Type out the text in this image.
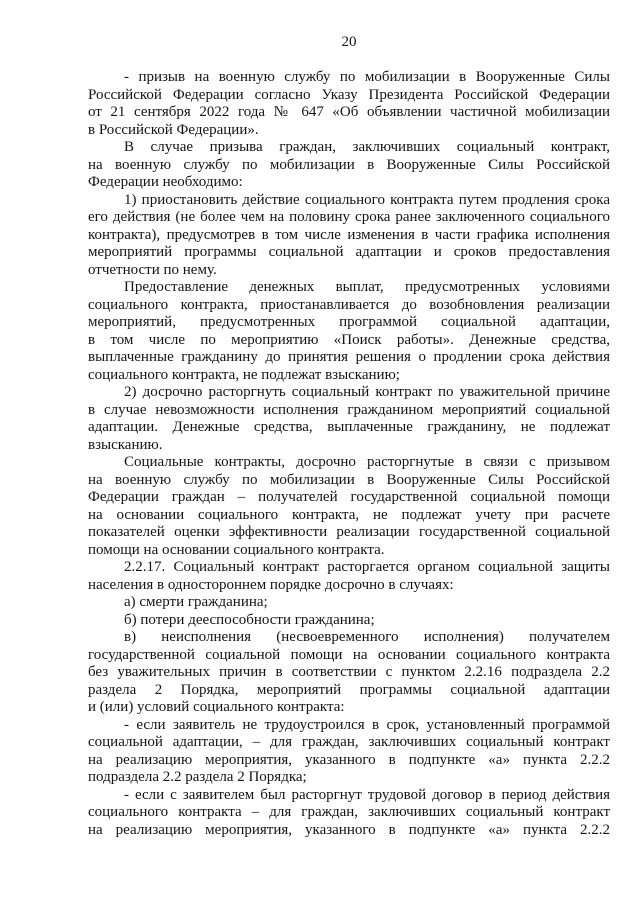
20
- призыв на военную службу по мобилизации в Вооруженные Силы
Российской Федерации согласно Указу Президента Российской Федерации
от 21 сентября 2022 года № 647 «Об объявлении частичной мобилизации
в Российской Федерации».
В случае призыва граждан, заключивших социальный контракт,
на военную службу по мобилизации в Вооруженные Силы Российской
Федерации необходимо:
1) приостановить действие социального контракта путем продления срока
его действия (не более чем на половину срока ранее заключенного социального
контракта), предусмотрев в том числе изменения в части графика исполнения
мероприятий программы социальной адаптации и сроков предоставления
отчетности по нему.
Предоставление денежных выплат, предусмотренных условиями
социального контракта, приостанавливается до возобновления реализации
мероприятий, предусмотренных программой социальной адаптации,
в том числе по мероприятию «Поиск работы». Денежные средства,
выплаченные гражданину до принятия решения о продлении срока действия
социального контракта, не подлежат взысканию;
2) досрочно расторгнуть социальный контракт по уважительной причине
в случае невозможности исполнения гражданином мероприятий социальной
адаптации. Денежные средства, выплаченные гражданину, не подлежат
взысканию.
Социальные контракты, досрочно расторгнутые в связи с призывом
на военную службу по мобилизации в Вооруженные Силы Российской
Федерации граждан – получателей государственной социальной помощи
на основании социального контракта, не подлежат учету при расчете
показателей оценки эффективности реализации государственной социальной
помощи на основании социального контракта.
2.2.17. Социальный контракт расторгается органом социальной защиты
населения в одностороннем порядке досрочно в случаях:
а) смерти гражданина;
б) потери дееспособности гражданина;
в) неисполнения (несвоевременного исполнения) получателем
государственной социальной помощи на основании социального контракта
без уважительных причин в соответствии с пунктом 2.2.16 подраздела 2.2
раздела 2 Порядка, мероприятий программы социальной адаптации
и (или) условий социального контракта:
- если заявитель не трудоустроился в срок, установленный программой
социальной адаптации, – для граждан, заключивших социальный контракт
на реализацию мероприятия, указанного в подпункте «а» пункта 2.2.2
подраздела 2.2 раздела 2 Порядка;
- если с заявителем был расторгнут трудовой договор в период действия
социального контракта – для граждан, заключивших социальный контракт
на реализацию мероприятия, указанного в подпункте «а» пункта 2.2.2
